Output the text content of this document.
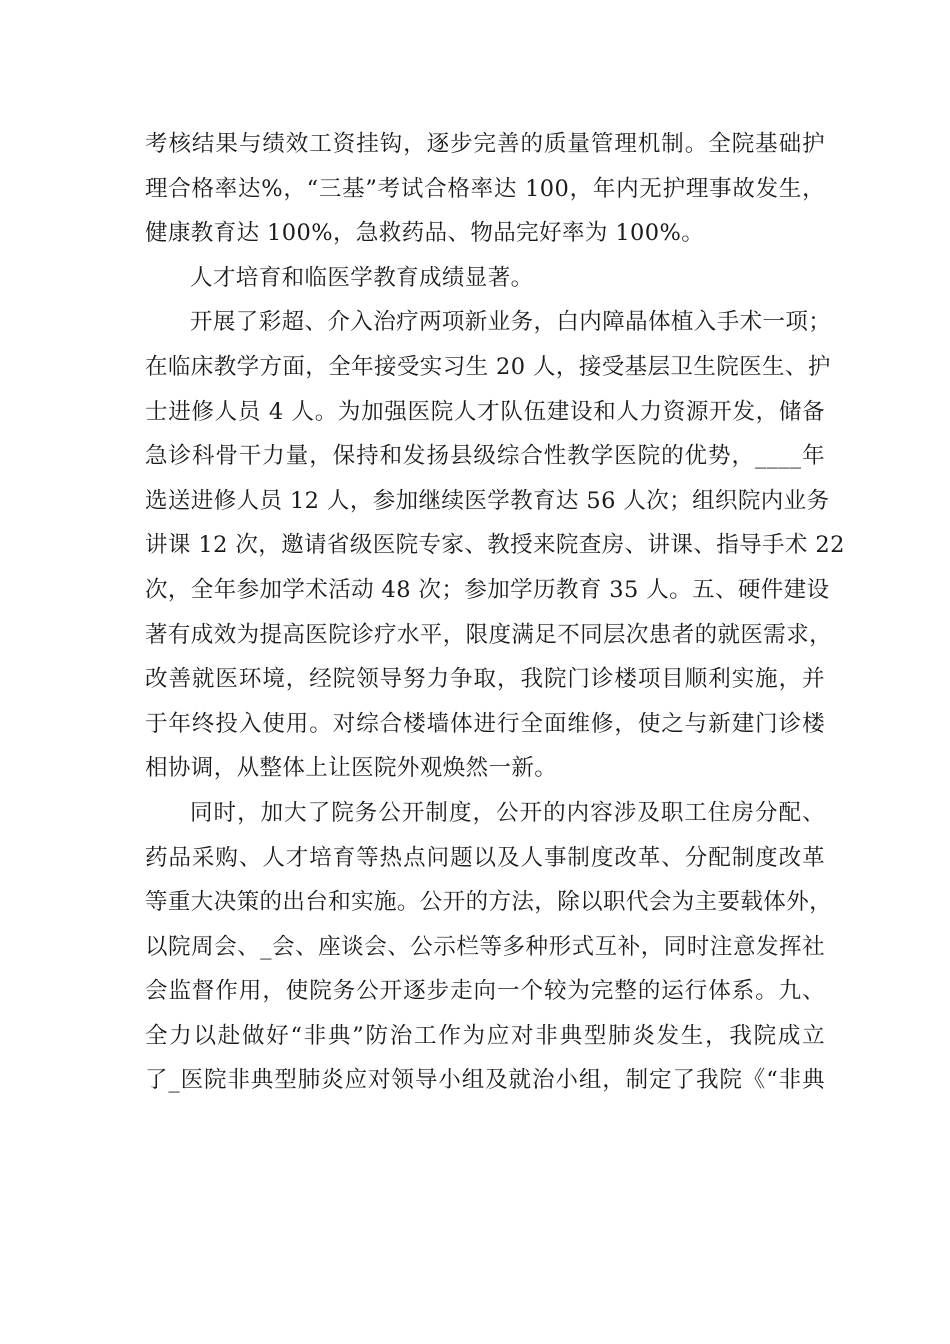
考核结果与绩效工资挂钩，逐步完善的质量管理机制。全院基础护
理合格率达%，“三基”考试合格率达 100，年内无护理事故发生，
健康教育达 100%，急救药品、物品完好率为 100%。
人才培育和临医学教育成绩显著。
开展了彩超、介入治疗两项新业务，白内障晶体植入手术一项；
在临床教学方面，全年接受实习生 20 人，接受基层卫生院医生、护
士进修人员 4 人。为加强医院人才队伍建设和人力资源开发，储备
急诊科骨干力量，保持和发扬县级综合性教学医院的优势，____年
选送进修人员 12 人，参加继续医学教育达 56 人次；组织院内业务
讲课 12 次，邀请省级医院专家、教授来院查房、讲课、指导手术 22
次，全年参加学术活动 48 次；参加学历教育 35 人。五、硬件建设
著有成效为提高医院诊疗水平，限度满足不同层次患者的就医需求，
改善就医环境，经院领导努力争取，我院门诊楼项目顺利实施，并
于年终投入使用。对综合楼墙体进行全面维修，使之与新建门诊楼
相协调，从整体上让医院外观焕然一新。
同时，加大了院务公开制度，公开的内容涉及职工住房分配、
药品采购、人才培育等热点问题以及人事制度改革、分配制度改革
等重大决策的出台和实施。公开的方法，除以职代会为主要载体外，
以院周会、_会、座谈会、公示栏等多种形式互补，同时注意发挥社
会监督作用，使院务公开逐步走向一个较为完整的运行体系。九、
全力以赴做好“非典”防治工作为应对非典型肺炎发生，我院成立
了_医院非典型肺炎应对领导小组及就治小组，制定了我院《“非典
